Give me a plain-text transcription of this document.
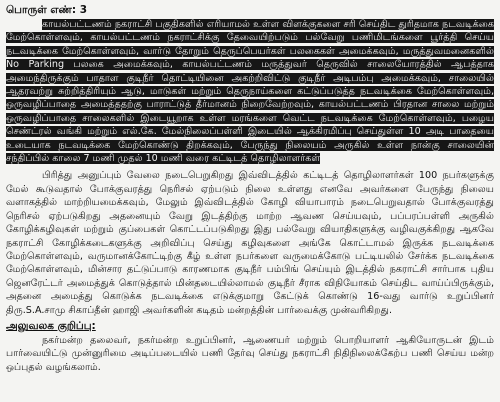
பொருள் எண்: 3

காயல்பட்டணம் நகராட்சி பகுதிகளில் எரியாமல் உள்ள விளக்குகளை சரி செய்திட துரிதமாக நடவடிக்கை மேற்கொள்ளவும், காயல்பட்டணம் நகராட்சிக்கு தேவையிற்படும் பல்வேறு பணிமிடங்களை பூர்த்தி செய்ய நடவடிக்கை மேற்கொள்ளவும், வார்டு தோறும் தெருப்பெயர்கள் பலகைகள் அமைக்கவும், மருத்துவமனைகளில் No Parking பலகை அமைக்கவும், காயல்பட்டணம் மருத்துவர் தெருவில் சாலையோரத்தில் ஆபத்தாக அமைந்திருக்கும் பாதாள குடிநீர் தொட்டியினை அகற்றிவிட்டு குடிநீர் அடிபம்பு அமைக்கவும், சாலையில் ஆதரவற்று சுற்றித்திரியும் ஆடு, மாடுகள் மற்றும் தெருநாய்களை கட்டுப்படுத்த நடவடிக்கை மேற்கொள்ளவும், ஒருவழிப்பாதை அமைத்ததற்கு பாராட்டுத் தீர்மானம் நிறைவேற்றவும், காயல்பட்டணம் பிரதான சாலை மற்றும் ஒருவழிப்பாதை சாலைகளில் இடையூறாக உள்ள மரங்களை வெட்ட நடவடிக்கை மேற்கொள்ளவும், பழைய செண்ட்ரல் வங்கி மற்றும் எல்.கே. மேல்நிலைப்பள்ளி இடையில் ஆக்கிரமிப்பு செய்துள்ள 10 அடி பாதையை உடையாக நடவடிக்கை மேற்கொண்டு திறக்கவும், பேருந்து நிலையம் அருகில் உள்ள நான்கு சாலையின் சந்திப்பில் காலை 7 மணி முதல் 10 மணி வரை கட்டிடத் தொழிலாளர்கள்

பிரித்து அனுப்பும் வேலை நடைபெறுகிறது இவ்விடத்தில் கட்டிடத் தொழிலாளர்கள் 100 நபர்களுக்கு மேல் கூடுவதால் போக்குவரத்து நெரிசல் ஏற்படும் நிலை உள்ளது எனவே அவர்களை பேருந்து நிலைய வளாகத்தில் மாற்றியமைக்கவும், மேலும் இவ்விடத்தில் கோழி வியாபாரம் நடைபெறுவதால் போக்குவரத்து நெரிசல் ஏற்படுகிறது அதனையும் வேறு இடத்திற்கு மாற்ற ஆவண செய்யவும், பப்பரப்பள்ளி அருகில் கோழிக்கழிவுகள் மற்றும் குப்பைகள் கொட்டப்படுகிறது இது பல்வேறு வியாதிகளுக்கு வழிவகுக்கிறது ஆகவே நகராட்சி கோழிக்கடைகளுக்கு அறிவிப்பு செய்து கழிவுகளை அங்கே கொட்டாமல் இருக்க நடவடிக்கை மேற்கொள்ளவும், வருமானக்கோட்டிற்கு கீழ் உள்ள நபர்களை வருமைக்கோடு பட்டியலில் சேர்க்க நடவடிக்கை மேற்கொள்ளவும், மின்சார தட்டுப்பாடு காரணமாக குடிநீர் பம்பிங் செய்யும் இடத்தில் நகராட்சி சார்பாக புதிய ஜெனரேட்டர் அமைத்துக் கொடுத்தால் மின்தடையில்லாமல் குடிநீர் சீராக விநியோகம் செய்திட வாய்ப்பிருக்கும், அதனை அமைத்து கொடுக்க நடவடிக்கை எடுக்குமாறு கேட்டுக் கொண்டு 16-வது வார்டு உறுப்பினர் திரு.S.A.சாமு சிகாப்தீன் ஹாஜி அவர்களின் கடிதம் மன்றத்தின் பார்வைக்கு முன்வரிகிறது.

அலுவலக குறிப்பு:

நகர்மன்ற தலைவர், நகர்மன்ற உறுப்பினர், ஆணையர் மற்றும் பொறியாளர் ஆகியோருடன் இடம் பார்வையிட்டு முன்னுரிமை அடிப்படையில் பணி தேர்வு செய்து நகராட்சி நிதிநிலைக்கேற்ப பணி செய்ய மன்ற ஒப்புதல் வழங்கலாம்.
